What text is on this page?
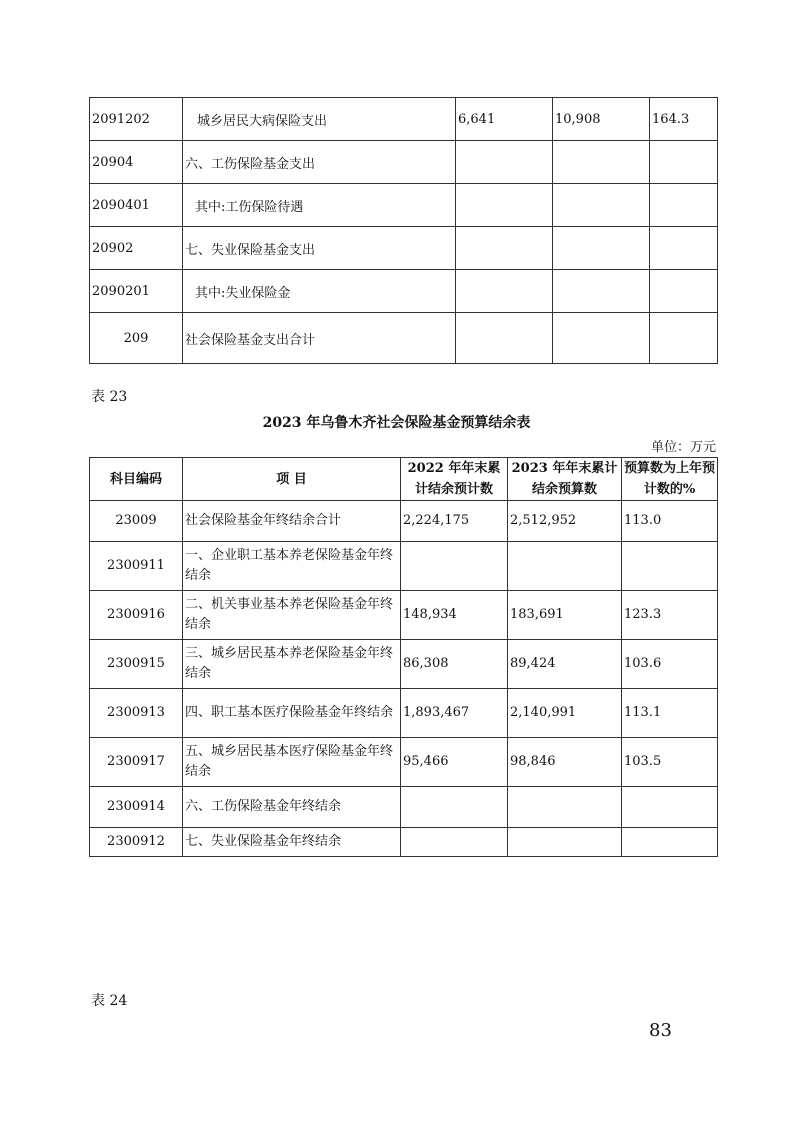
2091202	城乡居民大病保险支出	6,641	10,908	164.3
20904	六、工伤保险基金支出			
2090401	其中:工伤保险待遇			
20902	七、失业保险基金支出			
2090201	其中:失业保险金			
209	社会保险基金支出合计			
表 23
2023 年乌鲁木齐社会保险基金预算结余表
单位：万元
科目编码	项 目	2022 年年末累计结余预计数	2023 年年末累计结余预算数	预算数为上年预计数的%
23009	社会保险基金年终结余合计	2,224,175	2,512,952	113.0
2300911	一、企业职工基本养老保险基金年终结余			
2300916	二、机关事业基本养老保险基金年终结余	148,934	183,691	123.3
2300915	三、城乡居民基本养老保险基金年终结余	86,308	89,424	103.6
2300913	四、职工基本医疗保险基金年终结余	1,893,467	2,140,991	113.1
2300917	五、城乡居民基本医疗保险基金年终结余	95,466	98,846	103.5
2300914	六、工伤保险基金年终结余			
2300912	七、失业保险基金年终结余			
表 24
83
